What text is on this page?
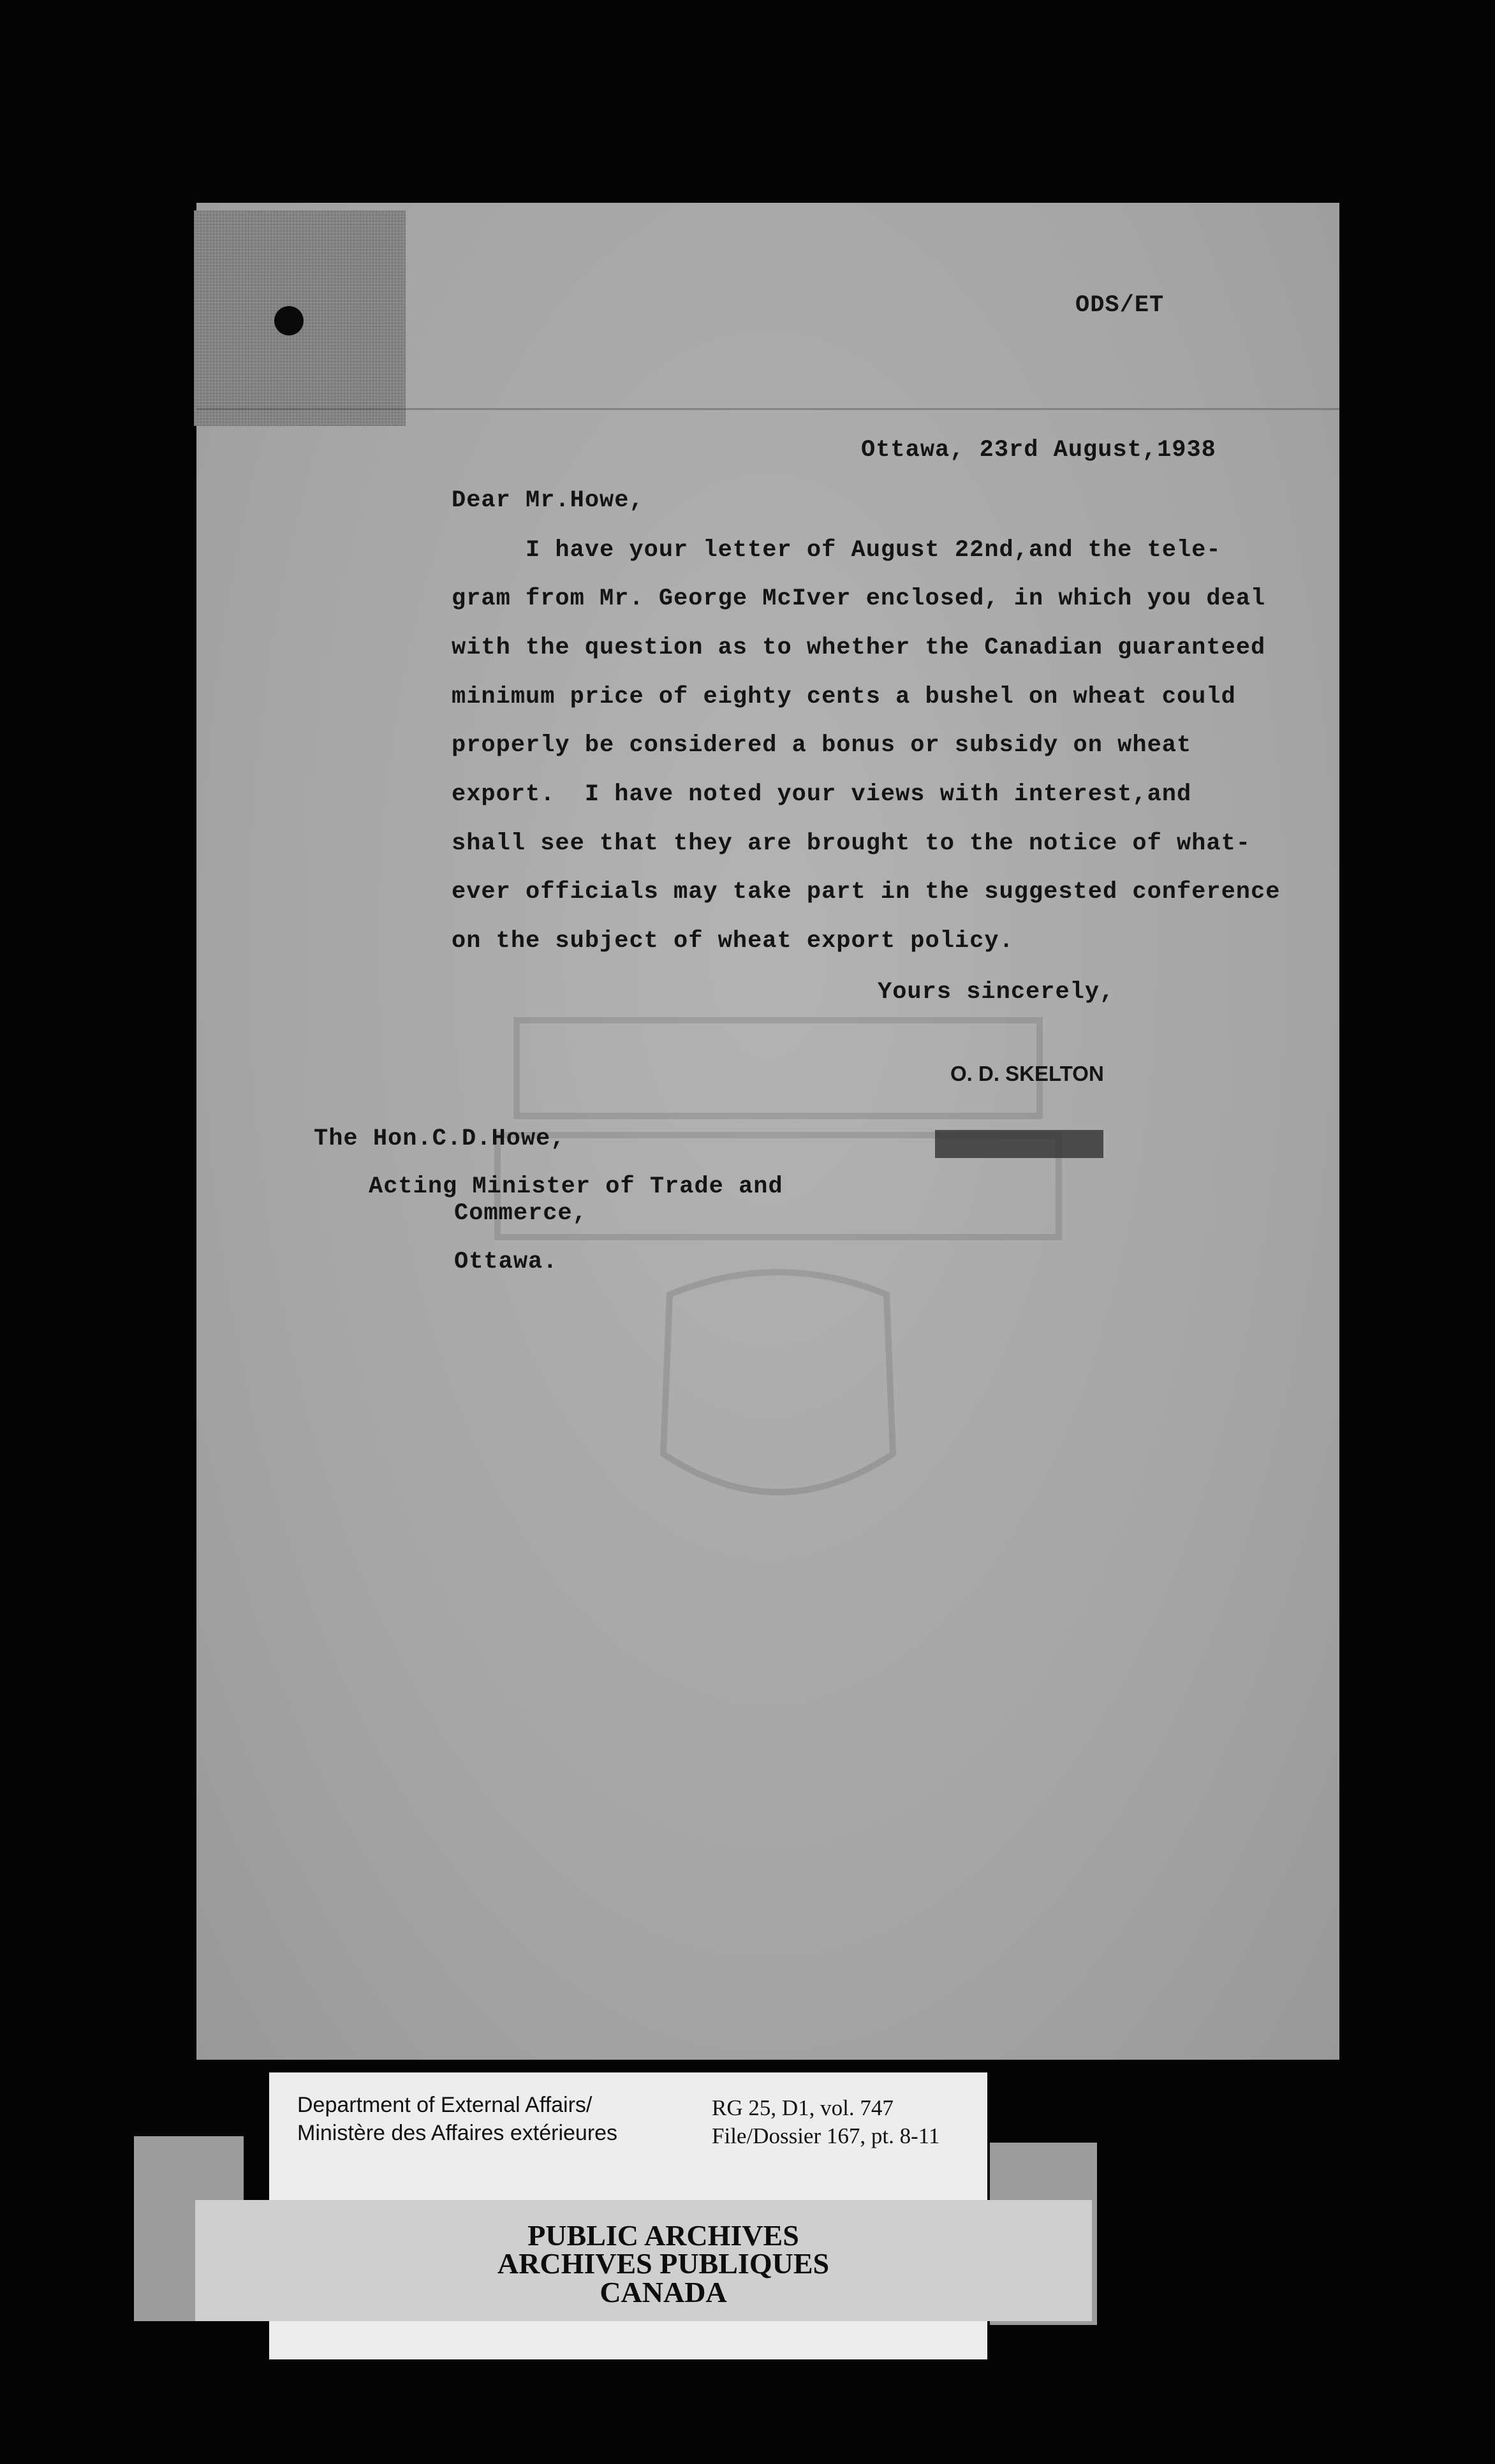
ODS/ET
Ottawa, 23rd August,1938
Dear Mr.Howe,
I have your letter of August 22nd,and the tele-
gram from Mr. George McIver enclosed, in which you deal
with the question as to whether the Canadian guaranteed
minimum price of eighty cents a bushel on wheat could
properly be considered a bonus or subsidy on wheat
export.  I have noted your views with interest,and
shall see that they are brought to the notice of what-
ever officials may take part in the suggested conference
on the subject of wheat export policy.
Yours sincerely,
O. D. SKELTON
The Hon.C.D.Howe,
Acting Minister of Trade and
Commerce,
Ottawa.
Department of External Affairs/
Ministère des Affaires extérieures
RG 25, D1, vol. 747
File/Dossier 167, pt. 8-11
PUBLIC ARCHIVES
ARCHIVES PUBLIQUES
CANADA
